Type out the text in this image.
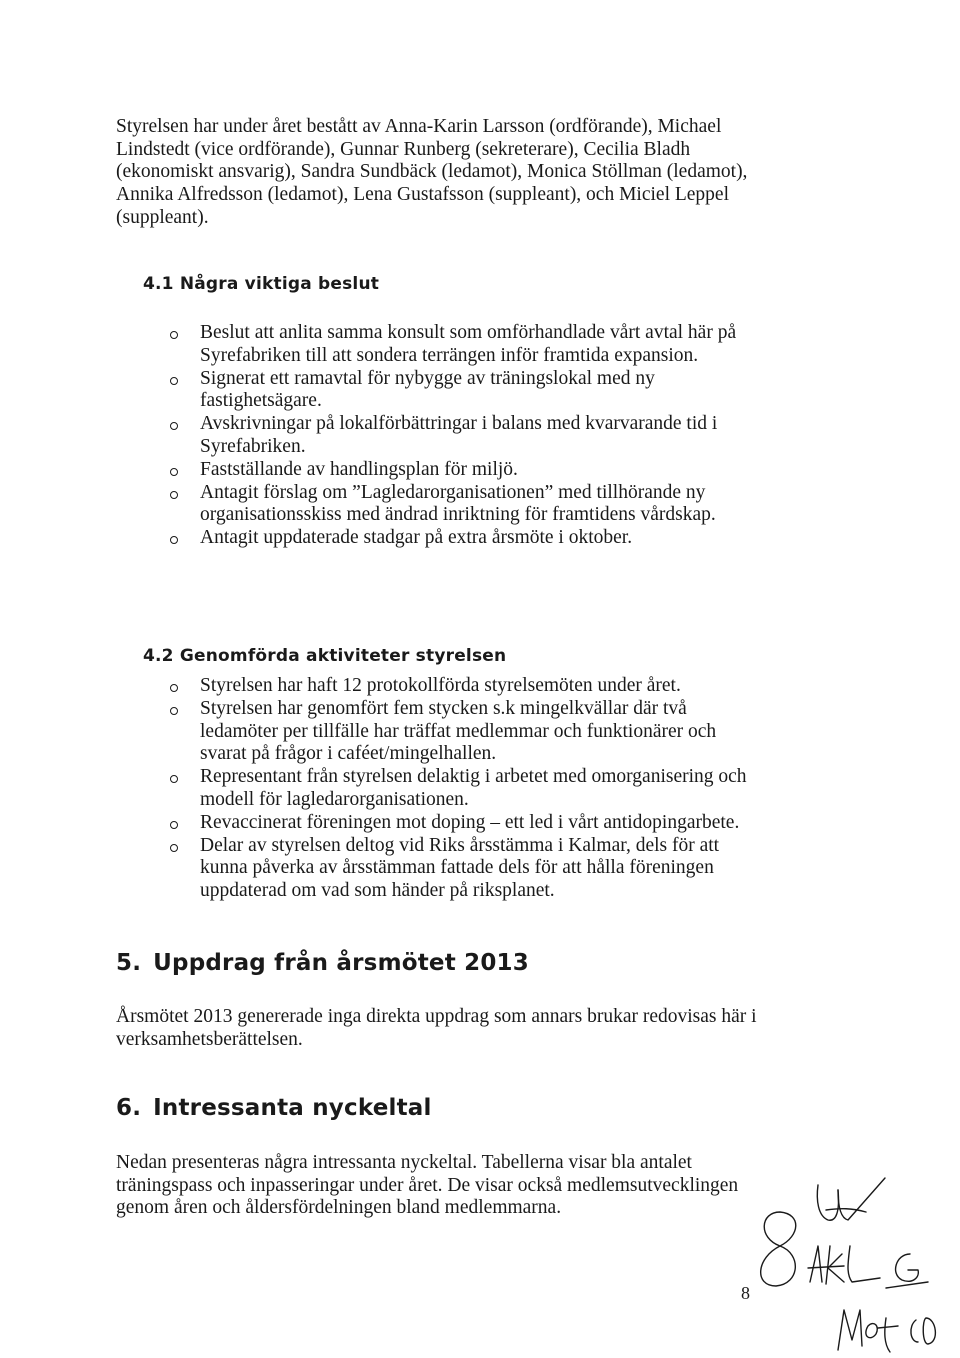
Styrelsen har under året bestått av Anna-Karin Larsson (ordförande), Michael Lindstedt (vice ordförande), Gunnar Runberg (sekreterare), Cecilia Bladh (ekonomiskt ansvarig), Sandra Sundbäck (ledamot), Monica Stöllman (ledamot), Annika Alfredsson (ledamot), Lena Gustafsson (suppleant), och Miciel Leppel (suppleant).

4.1 Några viktiga beslut
Beslut att anlita samma konsult som omförhandlade vårt avtal här på Syrefabriken till att sondera terrängen inför framtida expansion.
Signerat ett ramavtal för nybygge av träningslokal med ny fastighetsägare.
Avskrivningar på lokalförbättringar i balans med kvarvarande tid i Syrefabriken.
Fastställande av handlingsplan för miljö.
Antagit förslag om ”Lagledarorganisationen” med tillhörande ny organisationsskiss med ändrad inriktning för framtidens vårdskap.
Antagit uppdaterade stadgar på extra årsmöte i oktober.
4.2 Genomförda aktiviteter styrelsen
Styrelsen har haft 12 protokollförda styrelsemöten under året.
Styrelsen har genomfört fem stycken s.k mingelkvällar där två ledamöter per tillfälle har träffat medlemmar och funktionärer och svarat på frågor i caféet/mingelhallen.
Representant från styrelsen delaktig i arbetet med omorganisering och modell för lagledarorganisationen.
Revaccinerat föreningen mot doping – ett led i vårt antidopingarbete.
Delar av styrelsen deltog vid Riks årsstämma i Kalmar, dels för att kunna påverka av årsstämman fattade dels för att hålla föreningen uppdaterad om vad som händer på riksplanet.
5. Uppdrag från årsmötet 2013

Årsmötet 2013 genererade inga direkta uppdrag som annars brukar redovisas här i verksamhetsberättelsen.

6. Intressanta nyckeltal

Nedan presenteras några intressanta nyckeltal. Tabellerna visar bla antalet träningspass och inpasseringar under året. De visar också medlemsutvecklingen genom åren och åldersfördelningen bland medlemmarna.

8
